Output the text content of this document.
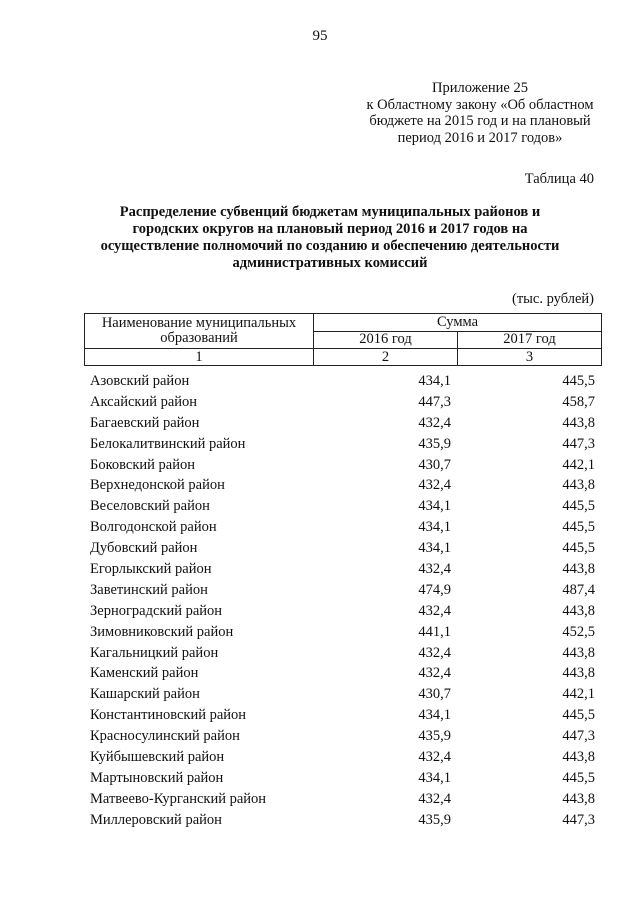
95
Приложение 25
к Областному закону «Об областном
бюджете на 2015 год и на плановый
период 2016 и 2017 годов»
Таблица 40
Распределение субвенций бюджетам муниципальных районов и
городских округов на плановый период 2016 и 2017 годов на
осуществление полномочий по созданию и обеспечению деятельности
административных комиссий
(тыс. рублей)
Наименование муниципальных
образований	Сумма	
	2016 год	2017 год
1	2	3
Азовский район	434,1	445,5
Аксайский район	447,3	458,7
Багаевский район	432,4	443,8
Белокалитвинский район	435,9	447,3
Боковский район	430,7	442,1
Верхнедонской район	432,4	443,8
Веселовский район	434,1	445,5
Волгодонской район	434,1	445,5
Дубовский район	434,1	445,5
Егорлыкский район	432,4	443,8
Заветинский район	474,9	487,4
Зерноградский район	432,4	443,8
Зимовниковский район	441,1	452,5
Кагальницкий район	432,4	443,8
Каменский район	432,4	443,8
Кашарский район	430,7	442,1
Константиновский район	434,1	445,5
Красносулинский район	435,9	447,3
Куйбышевский район	432,4	443,8
Мартыновский район	434,1	445,5
Матвеево-Курганский район	432,4	443,8
Миллеровский район	435,9	447,3
